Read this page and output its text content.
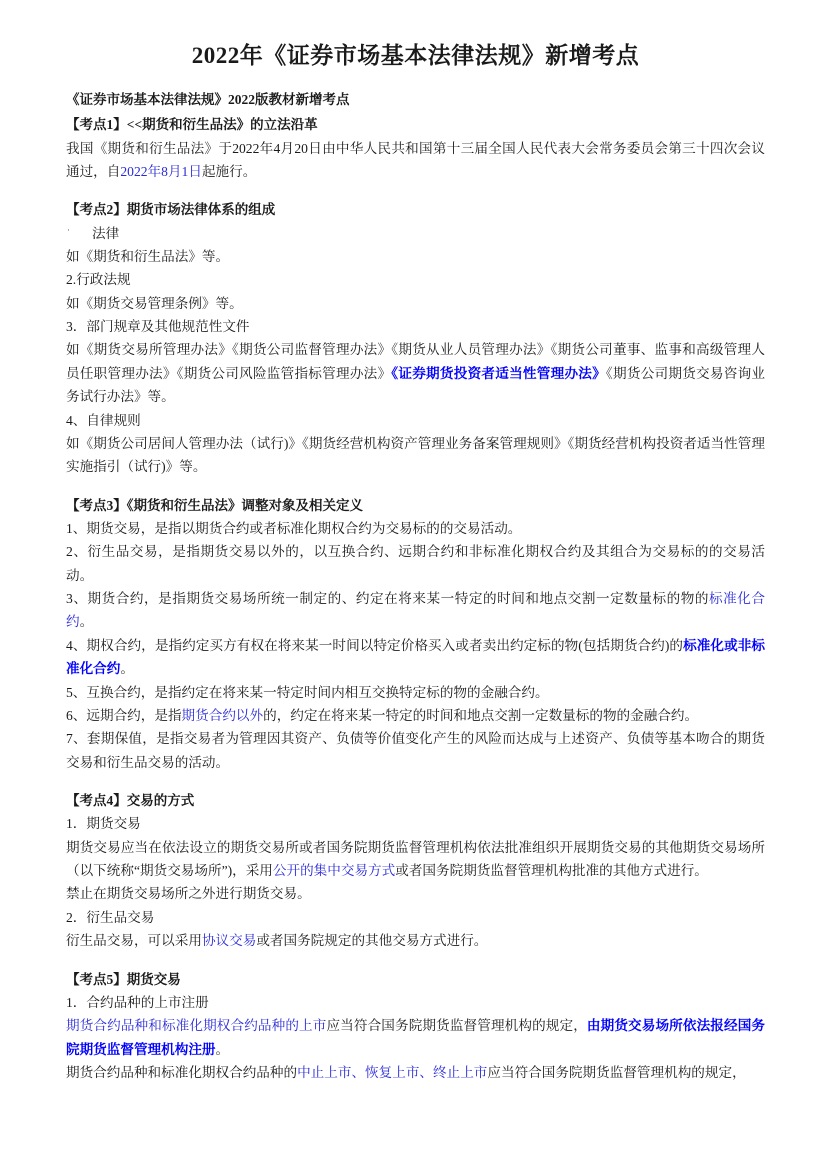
2022年《证券市场基本法律法规》新增考点

《证券市场基本法律法规》2022版教材新增考点

【考点1】<<期货和衍生品法》的立法沿革

我国《期货和衍生品法》于2022年4月20日由中华人民共和国第十三届全国人民代表大会常务委员会第三十四次会议通过，自2022年8月1日起施行。

【考点2】期货市场法律体系的组成

· 法律

如《期货和衍生品法》等。

2.行政法规

如《期货交易管理条例》等。

3．部门规章及其他规范性文件

如《期货交易所管理办法》《期货公司监督管理办法》《期货从业人员管理办法》《期货公司董事、监事和高级管理人员任职管理办法》《期货公司风险监管指标管理办法》《证券期货投资者适当性管理办法》《期货公司期货交易咨询业务试行办法》等。

4、自律规则

如《期货公司居间人管理办法（试行)》《期货经营机构资产管理业务备案管理规则》《期货经营机构投资者适当性管理实施指引（试行)》等。

【考点3】《期货和衍生品法》调整对象及相关定义

1、期货交易，是指以期货合约或者标准化期权合约为交易标的的交易活动。

2、衍生品交易，是指期货交易以外的，以互换合约、远期合约和非标准化期权合约及其组合为交易标的的交易活动。

3、期货合约，是指期货交易场所统一制定的、约定在将来某一特定的时间和地点交割一定数量标的物的标准化合约。

4、期权合约，是指约定买方有权在将来某一时间以特定价格买入或者卖出约定标的物(包括期货合约)的标准化或非标准化合约。

5、互换合约，是指约定在将来某一特定时间内相互交换特定标的物的金融合约。

6、远期合约，是指期货合约以外的，约定在将来某一特定的时间和地点交割一定数量标的物的金融合约。

7、套期保值，是指交易者为管理因其资产、负债等价值变化产生的风险而达成与上述资产、负债等基本吻合的期货交易和衍生品交易的活动。

【考点4】交易的方式

1．期货交易

期货交易应当在依法设立的期货交易所或者国务院期货监督管理机构依法批准组织开展期货交易的其他期货交易场所（以下统称“期货交易场所”)，采用公开的集中交易方式或者国务院期货监督管理机构批准的其他方式进行。

禁止在期货交易场所之外进行期货交易。

2．衍生品交易

衍生品交易，可以采用协议交易或者国务院规定的其他交易方式进行。

【考点5】期货交易

1．合约品种的上市注册

期货合约品种和标准化期权合约品种的上市应当符合国务院期货监督管理机构的规定，由期货交易场所依法报经国务院期货监督管理机构注册。

期货合约品种和标准化期权合约品种的中止上市、恢复上市、终止上市应当符合国务院期货监督管理机构的规定，
